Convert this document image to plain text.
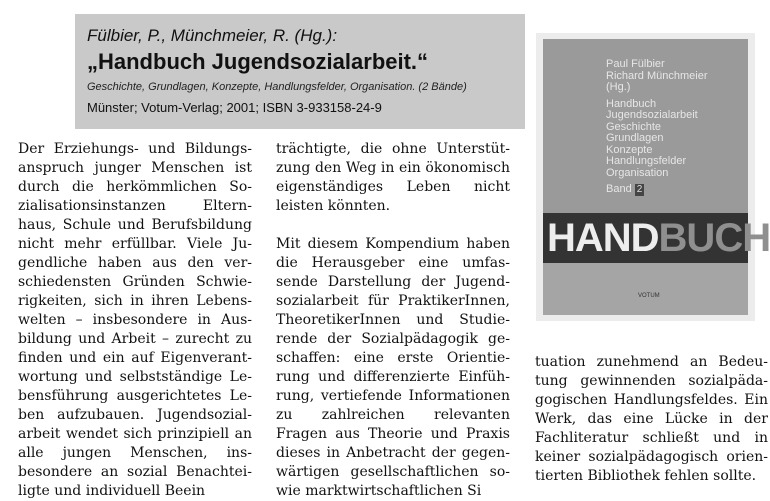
Fülbier, P., Münchmeier, R. (Hg.):
„Handbuch Jugendsozialarbeit.“
Geschichte, Grundlagen, Konzepte, Handlungsfelder, Organisation. (2 Bände)
Münster; Votum-Verlag; 2001; ISBN 3-933158-24-9
Paul Fülbier
Richard Münchmeier
(Hg.)
Handbuch
Jugendsozialarbeit
Geschichte
Grundlagen
Konzepte
Handlungsfelder
Organisation
Band 2
HAND BUCH
VOTUM
Der Erziehungs- und Bildungsanspruch junger Menschen ist durch die herkömmlichen Sozialisationsinstanzen Elternhaus, Schule und Berufsbildung nicht mehr erfüllbar. Viele Jugendliche haben aus den verschiedensten Gründen Schwierigkeiten, sich in ihren Lebenswelten – insbesondere in Ausbildung und Arbeit – zurecht zu finden und ein auf Eigenverantwortung und selbstständige Lebensführung ausgerichtetes Leben aufzubauen. Jugendsozialarbeit wendet sich prinzipiell an alle jungen Menschen, insbesondere an sozial Benachteiligte und individuell Beein

trächtigte, die ohne Unterstützung den Weg in ein ökonomisch eigenständiges Leben nicht leisten könnten.

Mit diesem Kompendium haben die Herausgeber eine umfassende Darstellung der Jugendsozialarbeit für PraktikerInnen, TheoretikerInnen und Studierende der Sozialpädagogik geschaffen: eine erste Orientierung und differenzierte Einführung, vertiefende Informationen zu zahlreichen relevanten Fragen aus Theorie und Praxis dieses in Anbetracht der gegenwärtigen gesellschaftlichen sowie marktwirtschaftlichen Si

tuation zunehmend an Bedeutung gewinnenden sozialpädagogischen Handlungsfeldes. Ein Werk, das eine Lücke in der Fachliteratur schließt und in keiner sozialpädagogisch orientierten Bibliothek fehlen sollte.
